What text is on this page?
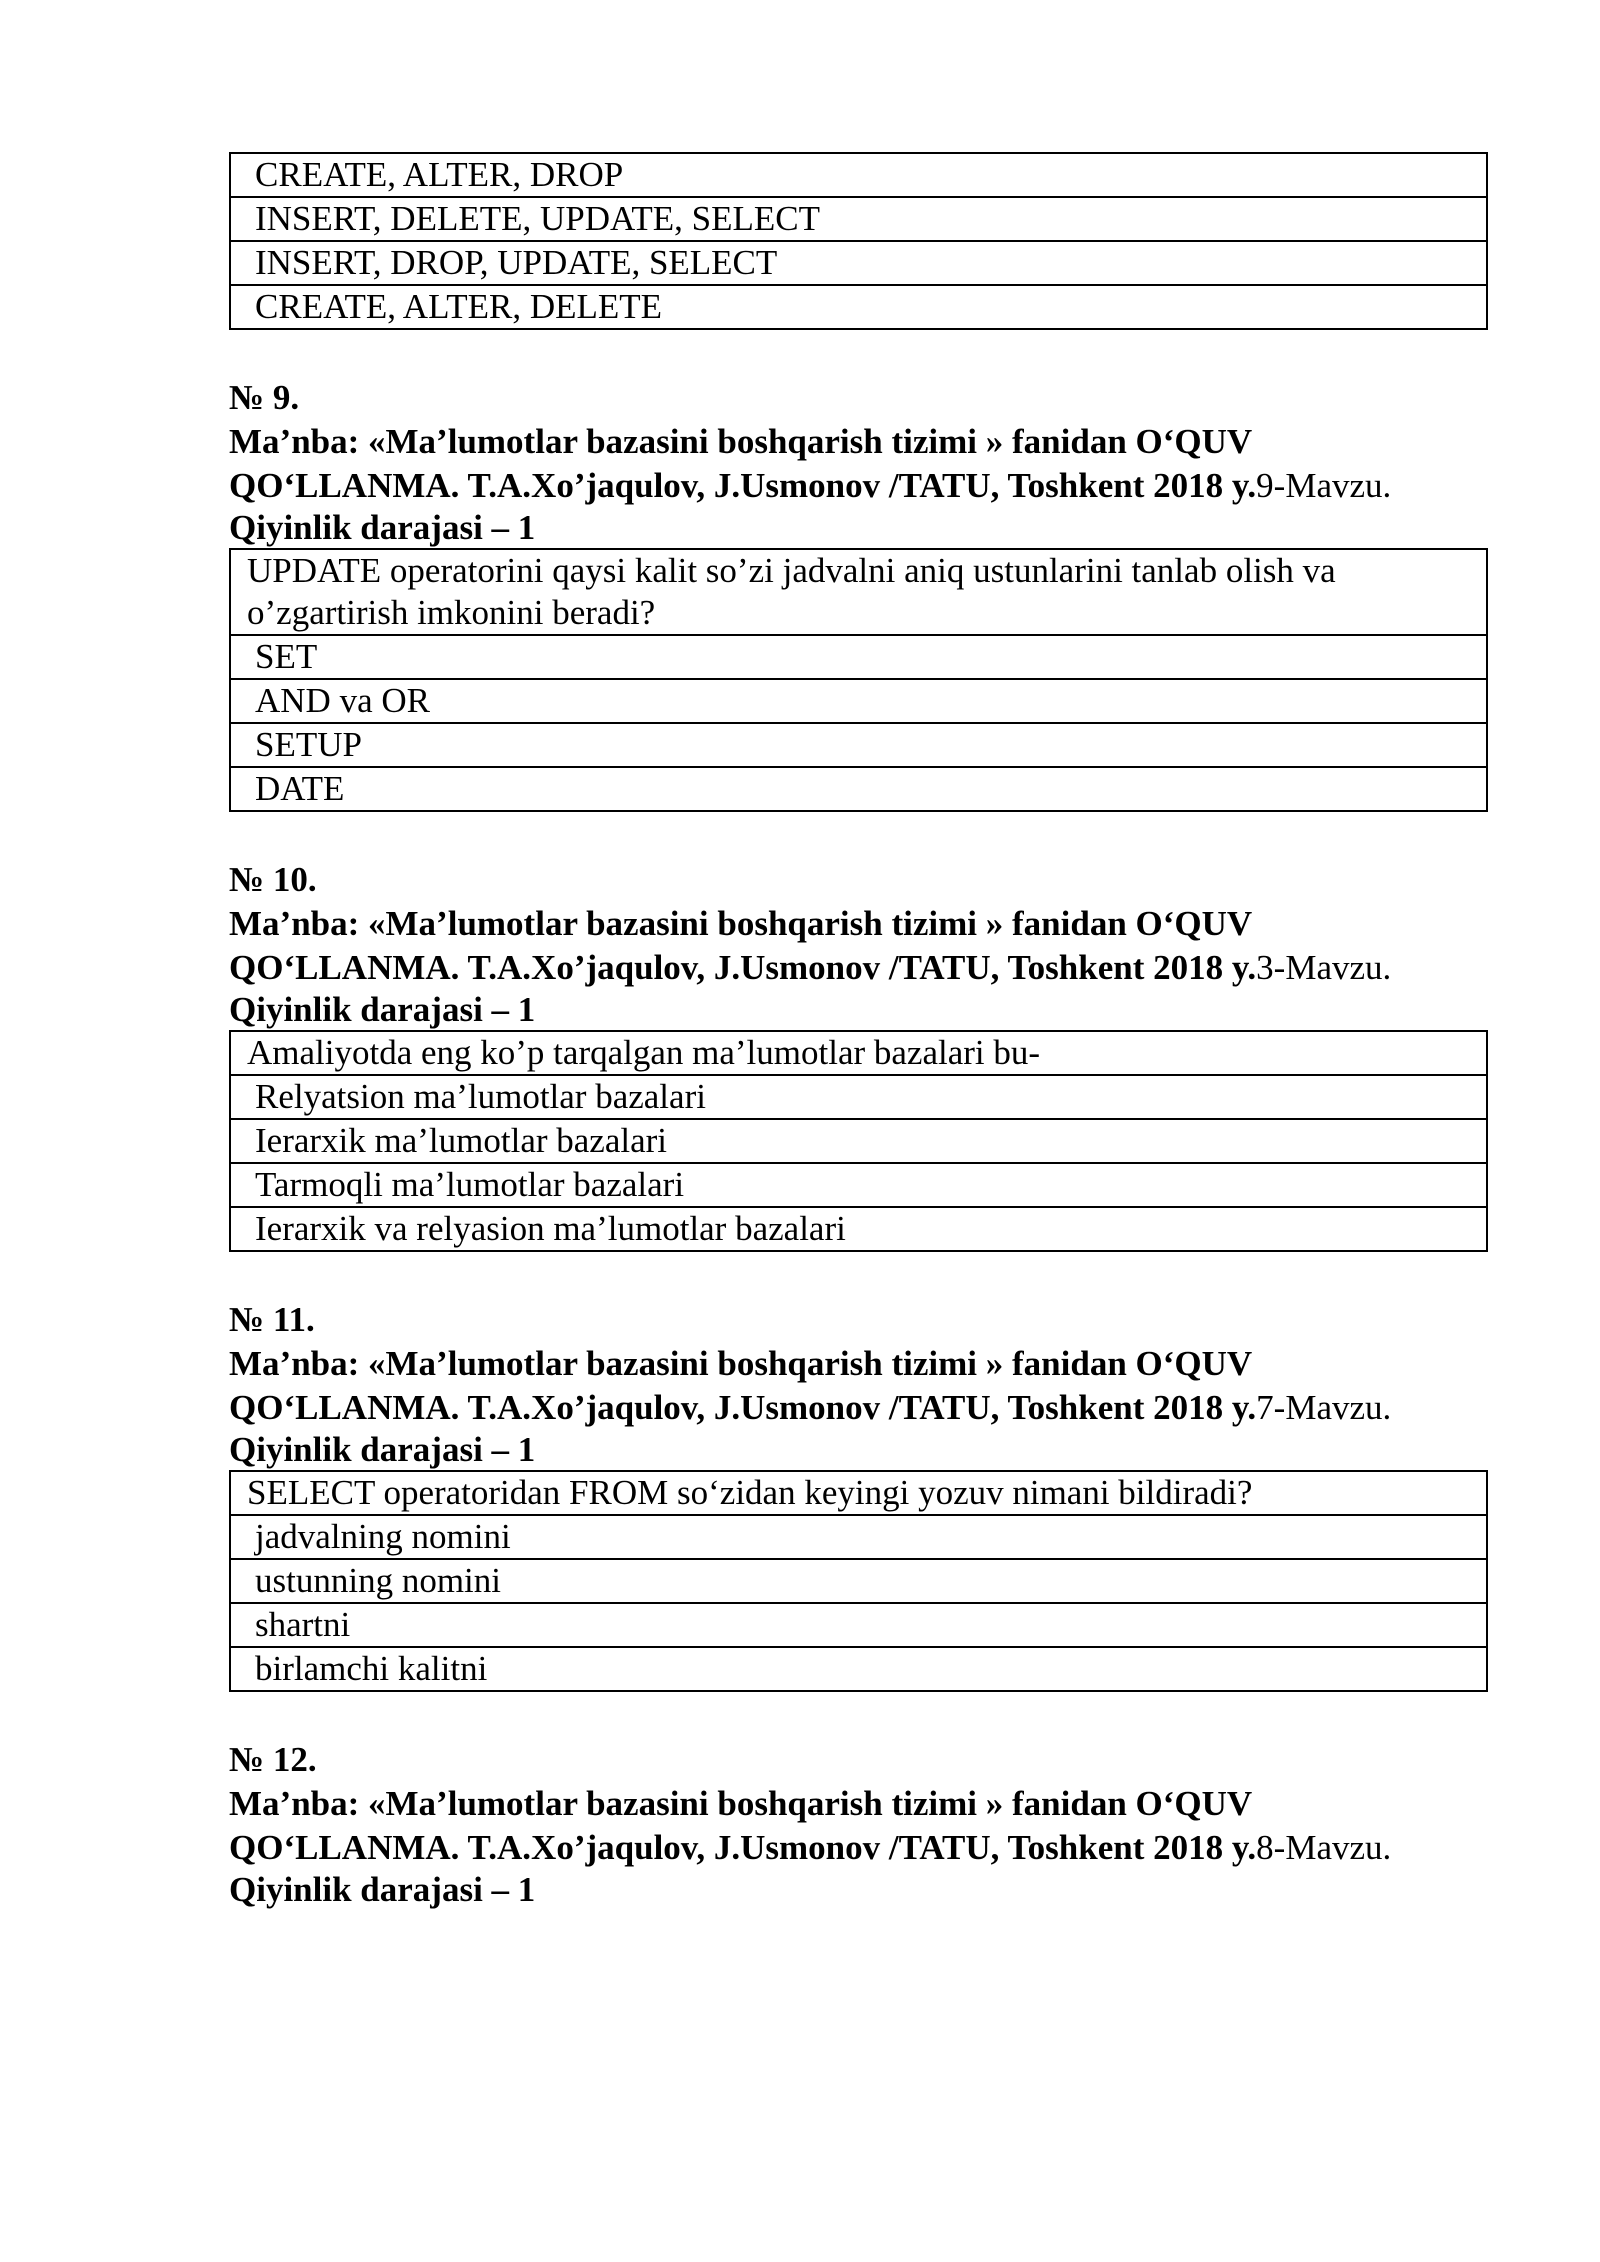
CREATE, ALTER, DROP
INSERT, DELETE, UPDATE, SELECT
INSERT, DROP, UPDATE, SELECT
CREATE, ALTER, DELETE
№ 9.
Ma’nba: «Ma’lumotlar bazasini boshqarish tizimi » fanidan O‘QUV QO‘LLANMA. T.A.Xo’jaqulov, J.Usmonov /TATU, Toshkent 2018 y.9-Mavzu.
Qiyinlik darajasi – 1
UPDATE operatorini qaysi kalit so’zi jadvalni aniq ustunlarini tanlab olish va o’zgartirish imkonini beradi?
SET
AND va OR
SETUP
DATE
№ 10.
Ma’nba: «Ma’lumotlar bazasini boshqarish tizimi » fanidan O‘QUV QO‘LLANMA. T.A.Xo’jaqulov, J.Usmonov /TATU, Toshkent 2018 y.3-Mavzu.
Qiyinlik darajasi – 1
Amaliyotda eng ko’p tarqalgan ma’lumotlar bazalari bu-
Relyatsion ma’lumotlar bazalari
Ierarxik ma’lumotlar bazalari
Tarmoqli ma’lumotlar bazalari
Ierarxik va relyasion ma’lumotlar bazalari
№ 11.
Ma’nba: «Ma’lumotlar bazasini boshqarish tizimi » fanidan O‘QUV QO‘LLANMA. T.A.Xo’jaqulov, J.Usmonov /TATU, Toshkent 2018 y.7-Mavzu.
Qiyinlik darajasi – 1
SELECT operatoridan FROM so‘zidan keyingi yozuv nimani bildiradi?
jadvalning nomini
ustunning nomini
shartni
birlamchi kalitni
№ 12.
Ma’nba: «Ma’lumotlar bazasini boshqarish tizimi » fanidan O‘QUV QO‘LLANMA. T.A.Xo’jaqulov, J.Usmonov /TATU, Toshkent 2018 y.8-Mavzu.
Qiyinlik darajasi – 1
